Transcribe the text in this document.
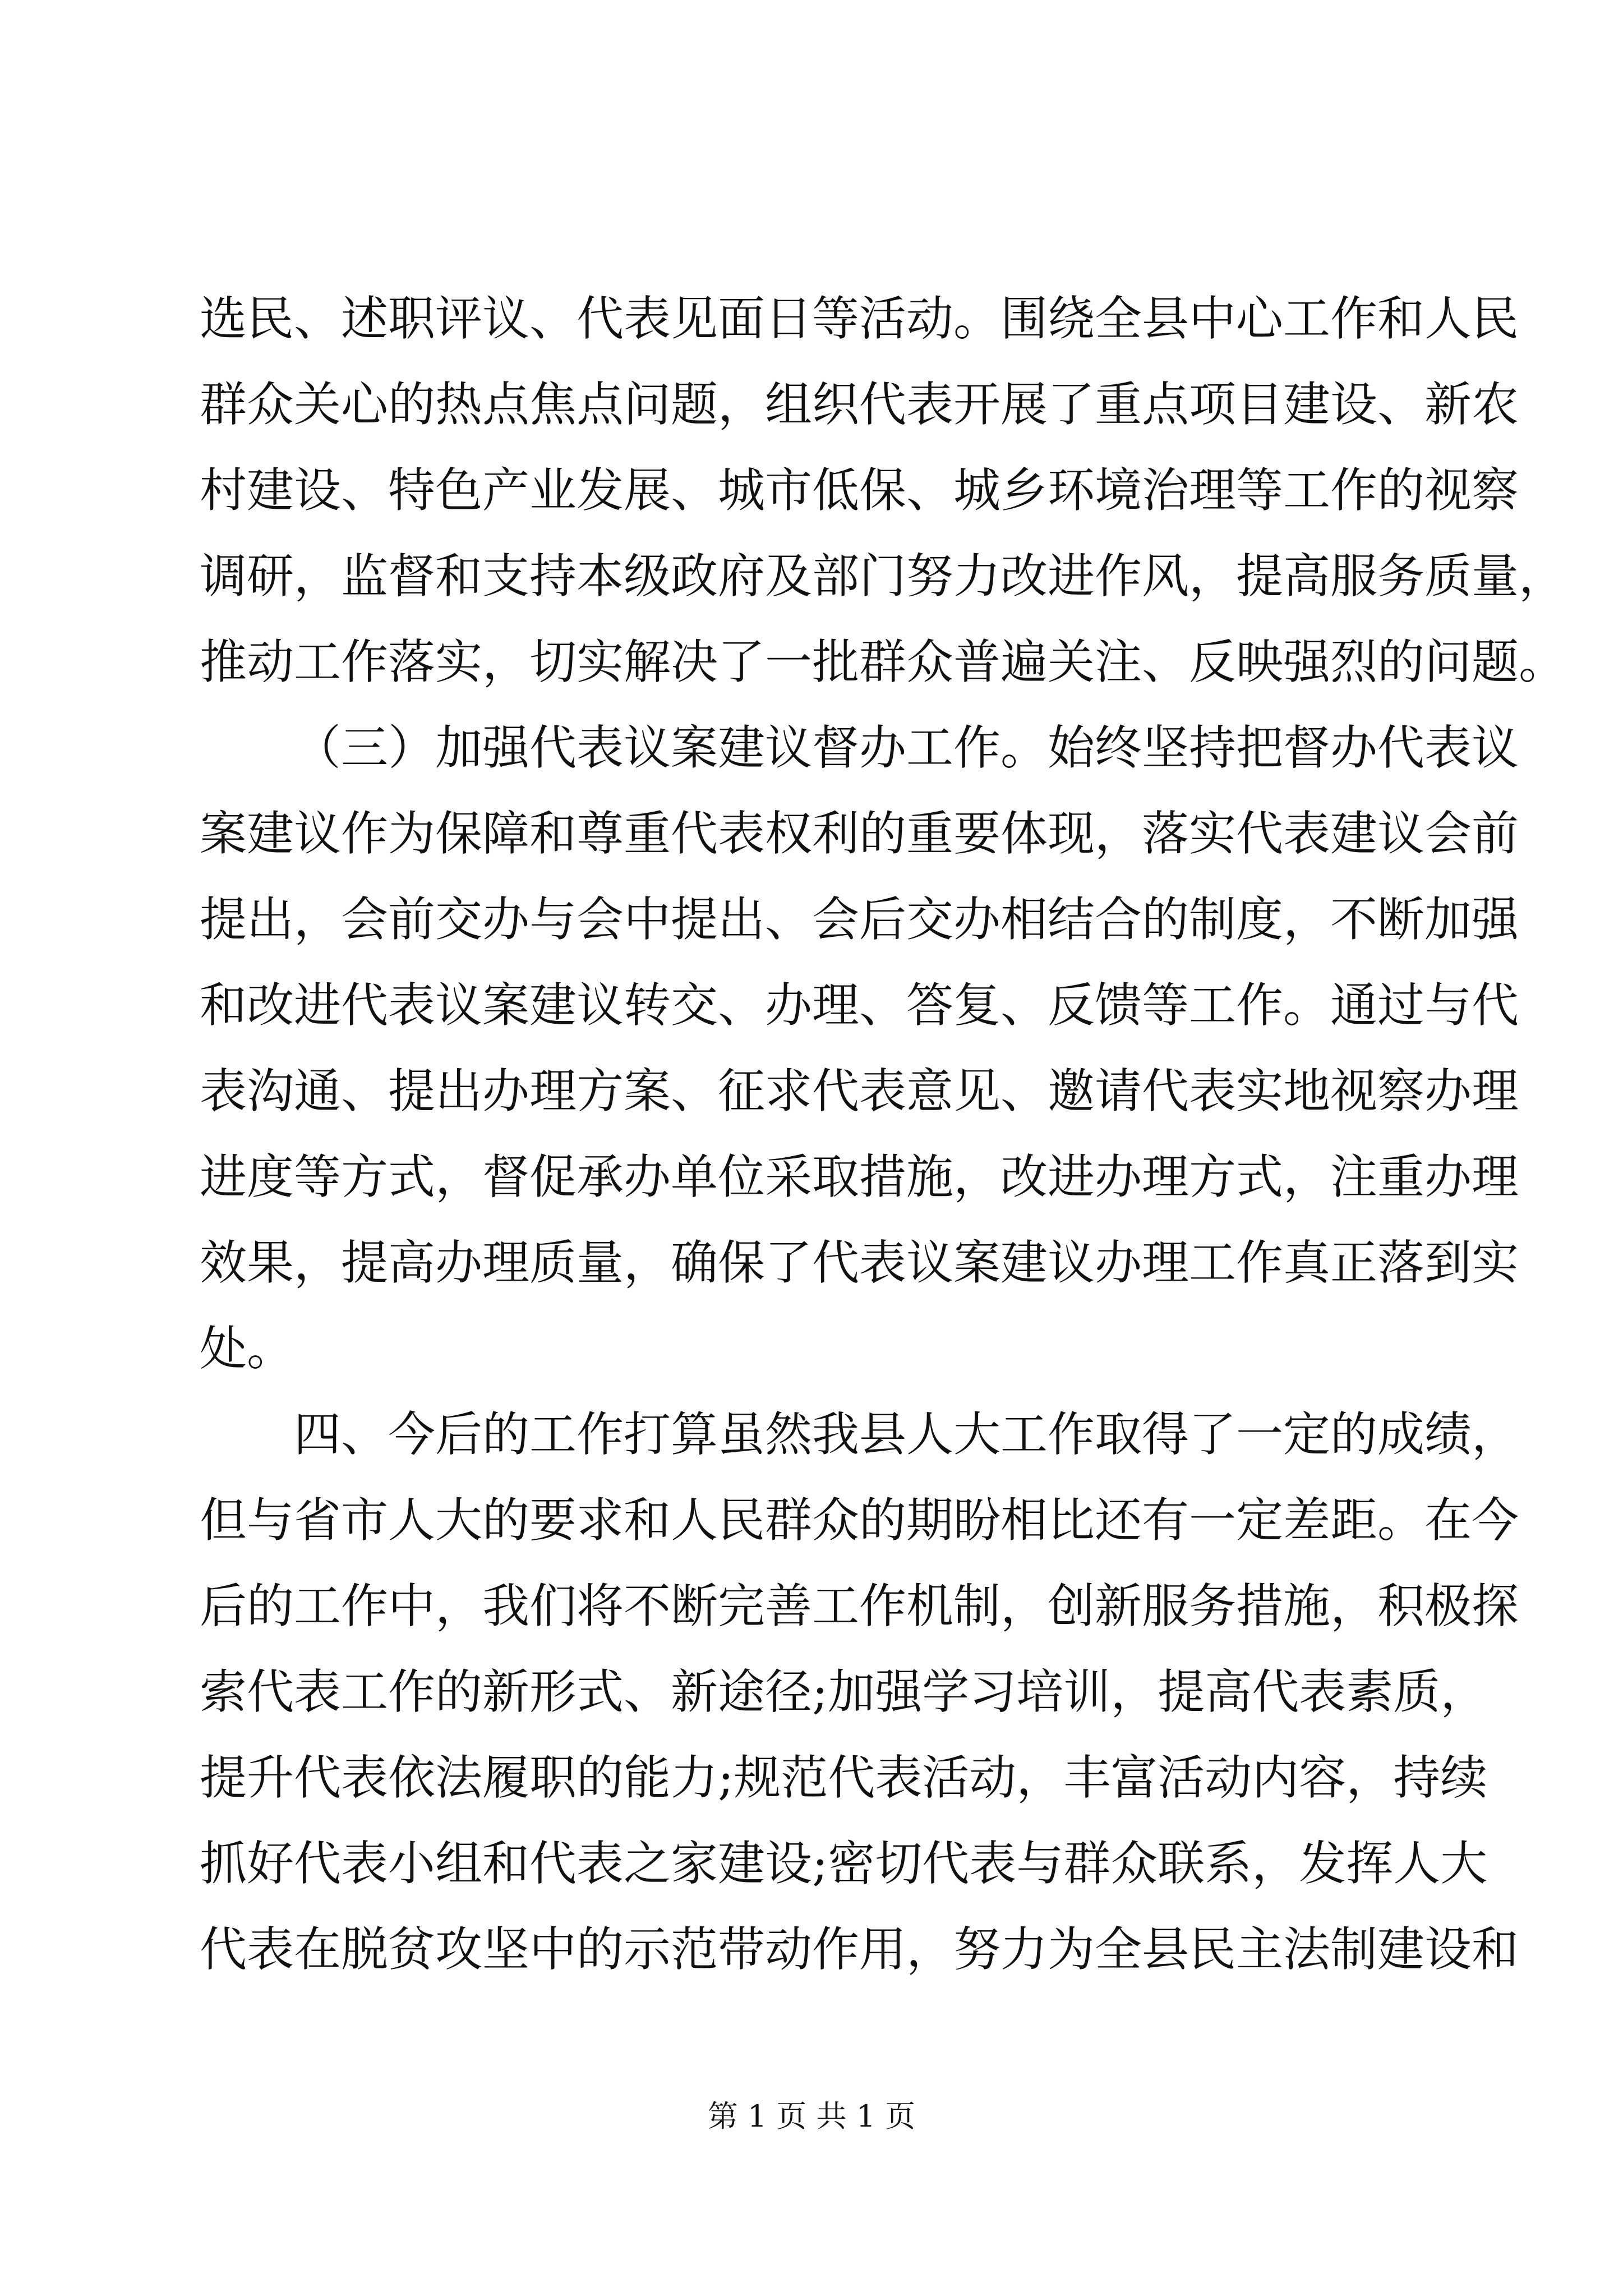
选民、述职评议、代表见面日等活动。围绕全县中心工作和人民
群众关心的热点焦点问题，组织代表开展了重点项目建设、新农
村建设、特色产业发展、城市低保、城乡环境治理等工作的视察
调研，监督和支持本级政府及部门努力改进作风，提高服务质量，
推动工作落实，切实解决了一批群众普遍关注、反映强烈的问题。
（三）加强代表议案建议督办工作。始终坚持把督办代表议
案建议作为保障和尊重代表权利的重要体现，落实代表建议会前
提出，会前交办与会中提出、会后交办相结合的制度，不断加强
和改进代表议案建议转交、办理、答复、反馈等工作。通过与代
表沟通、提出办理方案、征求代表意见、邀请代表实地视察办理
进度等方式，督促承办单位采取措施，改进办理方式，注重办理
效果，提高办理质量，确保了代表议案建议办理工作真正落到实
处。
四、今后的工作打算虽然我县人大工作取得了一定的成绩，
但与省市人大的要求和人民群众的期盼相比还有一定差距。在今
后的工作中，我们将不断完善工作机制，创新服务措施，积极探
索代表工作的新形式、新途径;加强学习培训，提高代表素质，
提升代表依法履职的能力;规范代表活动，丰富活动内容，持续
抓好代表小组和代表之家建设;密切代表与群众联系，发挥人大
代表在脱贫攻坚中的示范带动作用，努力为全县民主法制建设和
第 1 页 共 1 页
